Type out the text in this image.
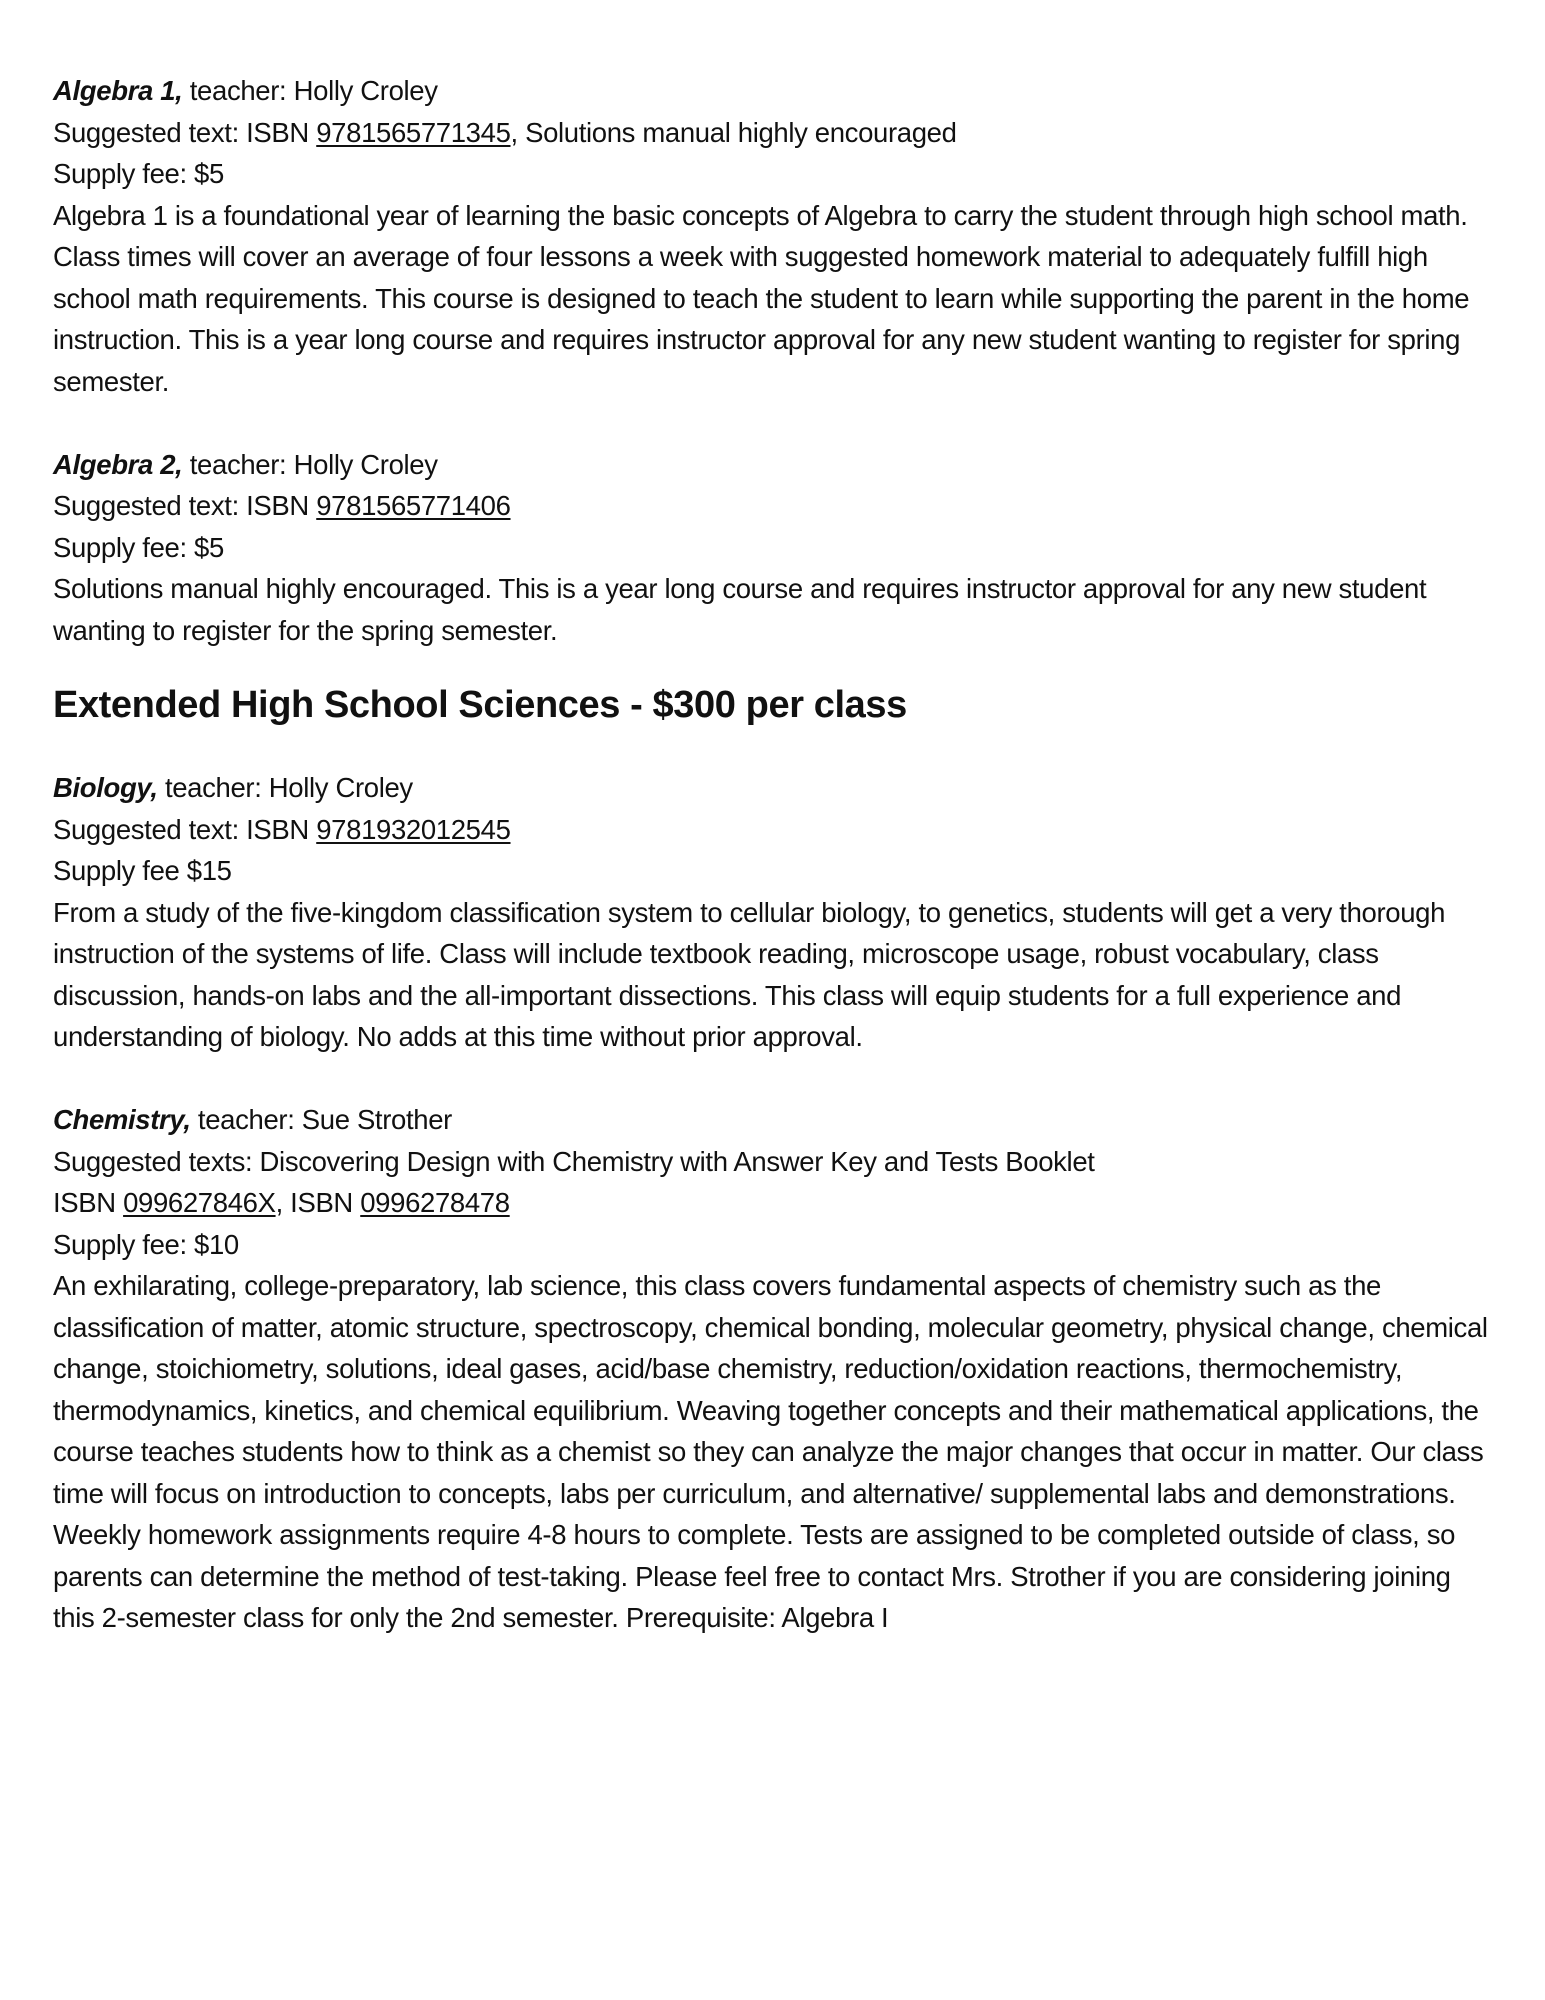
Algebra 1, teacher: Holly Croley

Suggested text: ISBN 9781565771345, Solutions manual highly encouraged

Supply fee: $5

Algebra 1 is a foundational year of learning the basic concepts of Algebra to carry the student through high school math. Class times will cover an average of four lessons a week with suggested homework material to adequately fulfill high school math requirements. This course is designed to teach the student to learn while supporting the parent in the home instruction. This is a year long course and requires instructor approval for any new student wanting to register for spring semester.

Algebra 2, teacher: Holly Croley

Suggested text: ISBN 9781565771406

Supply fee: $5

Solutions manual highly encouraged. This is a year long course and requires instructor approval for any new student wanting to register for the spring semester.

Extended High School Sciences - $300 per class

Biology, teacher: Holly Croley

Suggested text: ISBN 9781932012545

Supply fee $15

From a study of the five-kingdom classification system to cellular biology, to genetics, students will get a very thorough instruction of the systems of life. Class will include textbook reading, microscope usage, robust vocabulary, class discussion, hands-on labs and the all-important dissections. This class will equip students for a full experience and understanding of biology. No adds at this time without prior approval.

Chemistry, teacher: Sue Strother

Suggested texts: Discovering Design with Chemistry with Answer Key and Tests Booklet

ISBN 099627846X, ISBN 0996278478

Supply fee: $10

An exhilarating, college-preparatory, lab science, this class covers fundamental aspects of chemistry such as the classification of matter, atomic structure, spectroscopy, chemical bonding, molecular geometry, physical change, chemical change, stoichiometry, solutions, ideal gases, acid/base chemistry, reduction/oxidation reactions, thermochemistry, thermodynamics, kinetics, and chemical equilibrium. Weaving together concepts and their mathematical applications, the course teaches students how to think as a chemist so they can analyze the major changes that occur in matter. Our class time will focus on introduction to concepts, labs per curriculum, and alternative/ supplemental labs and demonstrations. Weekly homework assignments require 4-8 hours to complete. Tests are assigned to be completed outside of class, so parents can determine the method of test-taking. Please feel free to contact Mrs. Strother if you are considering joining this 2-semester class for only the 2nd semester. Prerequisite: Algebra I
